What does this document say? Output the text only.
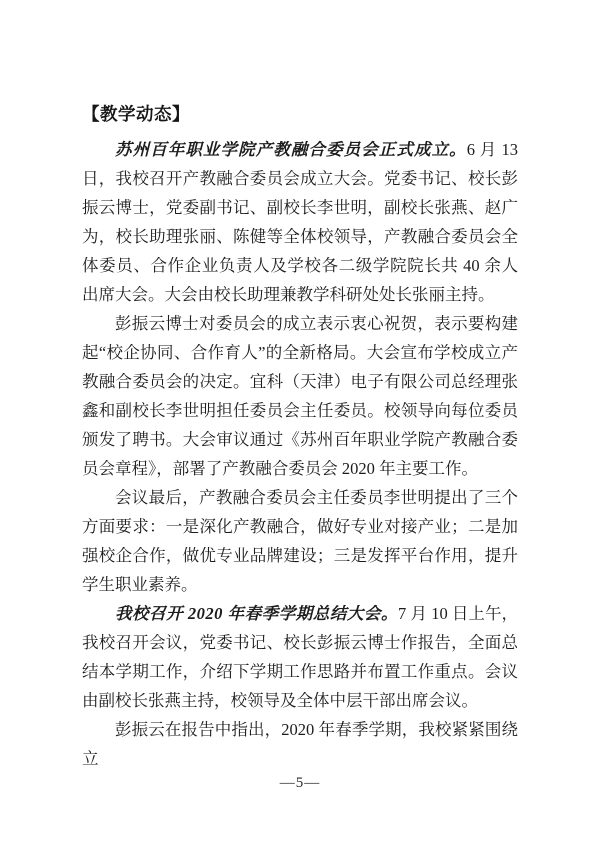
【教学动态】

苏州百年职业学院产教融合委员会正式成立。6 月 13 日，我校召开产教融合委员会成立大会。党委书记、校长彭振云博士，党委副书记、副校长李世明，副校长张燕、赵广为，校长助理张丽、陈健等全体校领导，产教融合委员会全体委员、合作企业负责人及学校各二级学院院长共 40 余人出席大会。大会由校长助理兼教学科研处处长张丽主持。

彭振云博士对委员会的成立表示衷心祝贺，表示要构建起“校企协同、合作育人”的全新格局。大会宣布学校成立产教融合委员会的决定。宜科（天津）电子有限公司总经理张鑫和副校长李世明担任委员会主任委员。校领导向每位委员颁发了聘书。大会审议通过《苏州百年职业学院产教融合委员会章程》，部署了产教融合委员会 2020 年主要工作。

会议最后，产教融合委员会主任委员李世明提出了三个方面要求：一是深化产教融合，做好专业对接产业；二是加强校企合作，做优专业品牌建设；三是发挥平台作用，提升学生职业素养。

我校召开 2020 年春季学期总结大会。7 月 10 日上午，我校召开会议，党委书记、校长彭振云博士作报告，全面总结本学期工作，介绍下学期工作思路并布置工作重点。会议由副校长张燕主持，校领导及全体中层干部出席会议。

彭振云在报告中指出，2020 年春季学期，我校紧紧围绕立

—5—
